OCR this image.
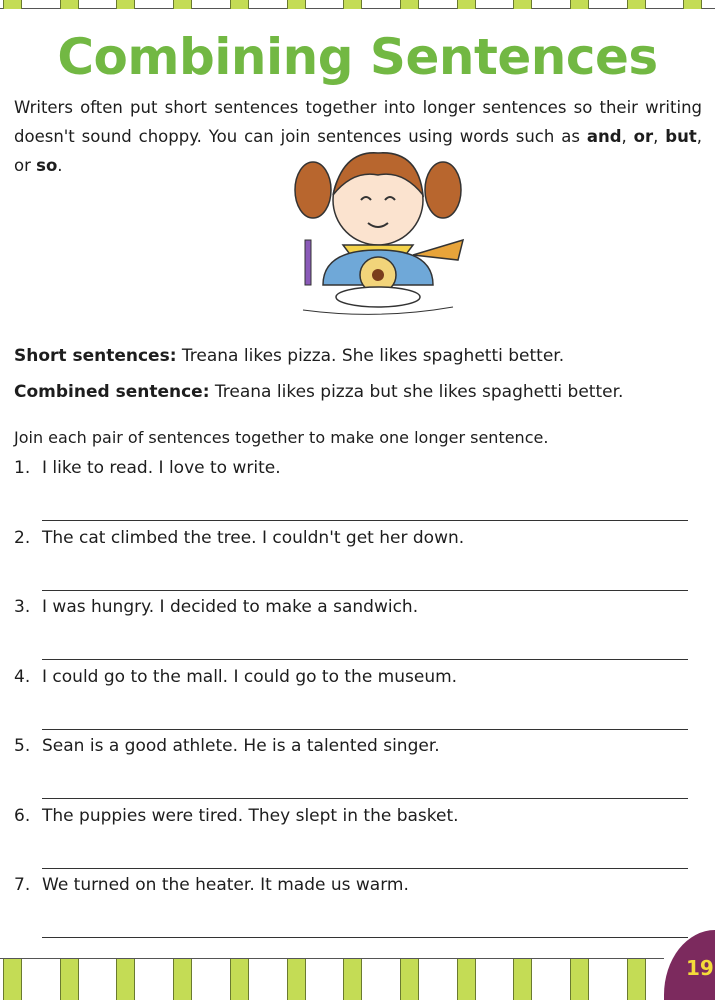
Combining Sentences
Writers often put short sentences together into longer sentences so their writing doesn't sound choppy. You can join sentences using words such as and, or, but, or so.
Short sentences: Treana likes pizza. She likes spaghetti better.
Combined sentence: Treana likes pizza but she likes spaghetti better.
Join each pair of sentences together to make one longer sentence.
1. I like to read. I love to write.
2. The cat climbed the tree. I couldn't get her down.
3. I was hungry. I decided to make a sandwich.
4. I could go to the mall. I could go to the museum.
5. Sean is a good athlete. He is a talented singer.
6. The puppies were tired. They slept in the basket.
7. We turned on the heater. It made us warm.
19
